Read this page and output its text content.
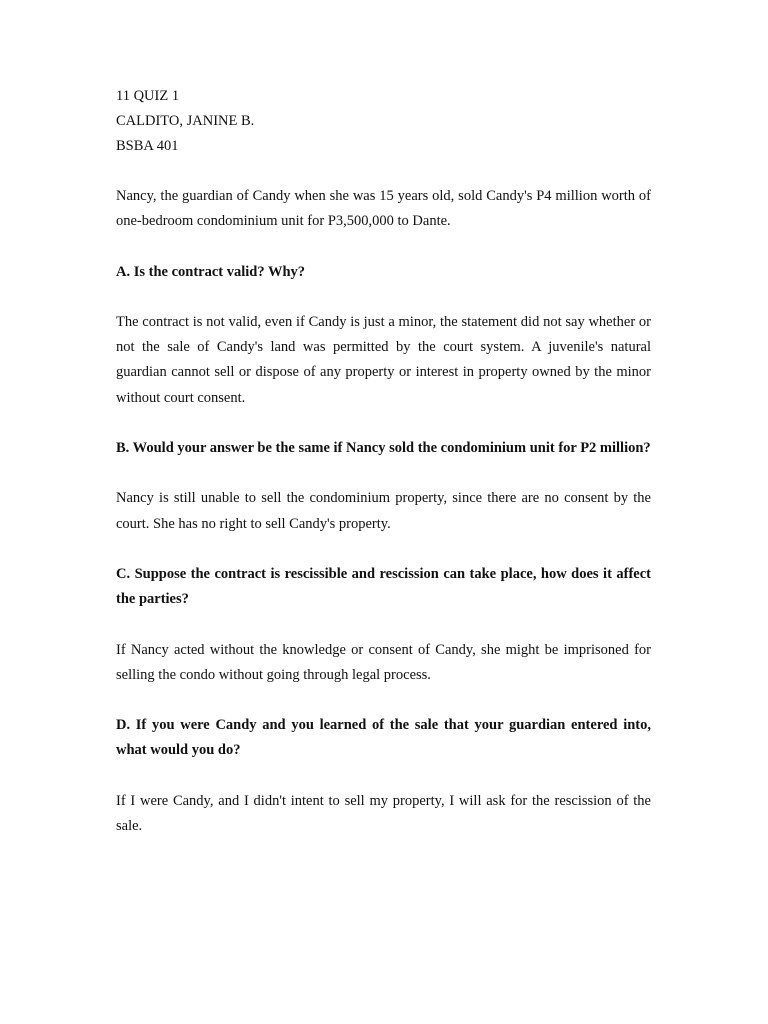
11 QUIZ 1
CALDITO, JANINE B.
BSBA 401

Nancy, the guardian of Candy when she was 15 years old, sold Candy's P4 million worth of one-bedroom condominium unit for P3,500,000 to Dante.

A. Is the contract valid? Why?

The contract is not valid, even if Candy is just a minor, the statement did not say whether or not the sale of Candy's land was permitted by the court system. A juvenile's natural guardian cannot sell or dispose of any property or interest in property owned by the minor without court consent.

B. Would your answer be the same if Nancy sold the condominium unit for P2 million?

Nancy is still unable to sell the condominium property, since there are no consent by the court. She has no right to sell Candy's property.

C. Suppose the contract is rescissible and rescission can take place, how does it affect the parties?

If Nancy acted without the knowledge or consent of Candy, she might be imprisoned for selling the condo without going through legal process.

D. If you were Candy and you learned of the sale that your guardian entered into, what would you do?

If I were Candy, and I didn't intent to sell my property, I will ask for the rescission of the sale.
